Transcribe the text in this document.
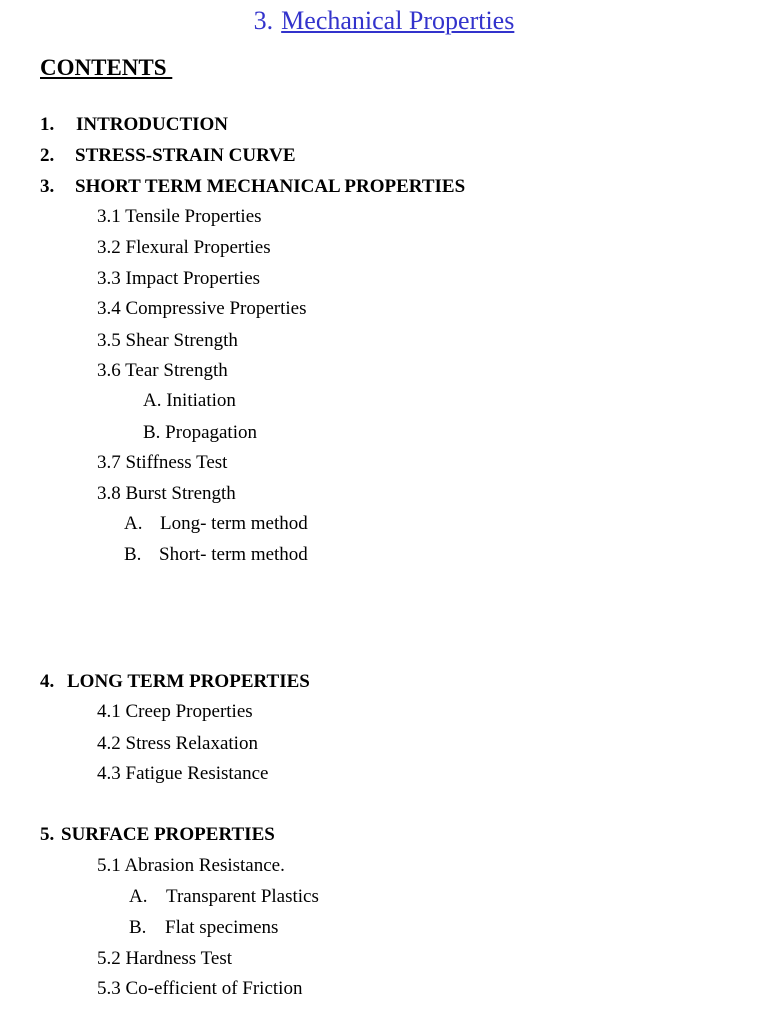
3. Mechanical Properties
CONTENTS
1. INTRODUCTION
2. STRESS-STRAIN CURVE
3. SHORT TERM MECHANICAL PROPERTIES
3.1 Tensile Properties
3.2 Flexural Properties
3.3 Impact Properties
3.4 Compressive Properties
3.5 Shear Strength
3.6 Tear Strength
A. Initiation
B. Propagation
3.7 Stiffness Test
3.8 Burst Strength
A. Long- term method
B. Short- term method
4. LONG TERM PROPERTIES
4.1 Creep Properties
4.2 Stress Relaxation
4.3 Fatigue Resistance
5. SURFACE PROPERTIES
5.1 Abrasion Resistance.
A. Transparent Plastics
B. Flat specimens
5.2 Hardness Test
5.3 Co-efficient of Friction
